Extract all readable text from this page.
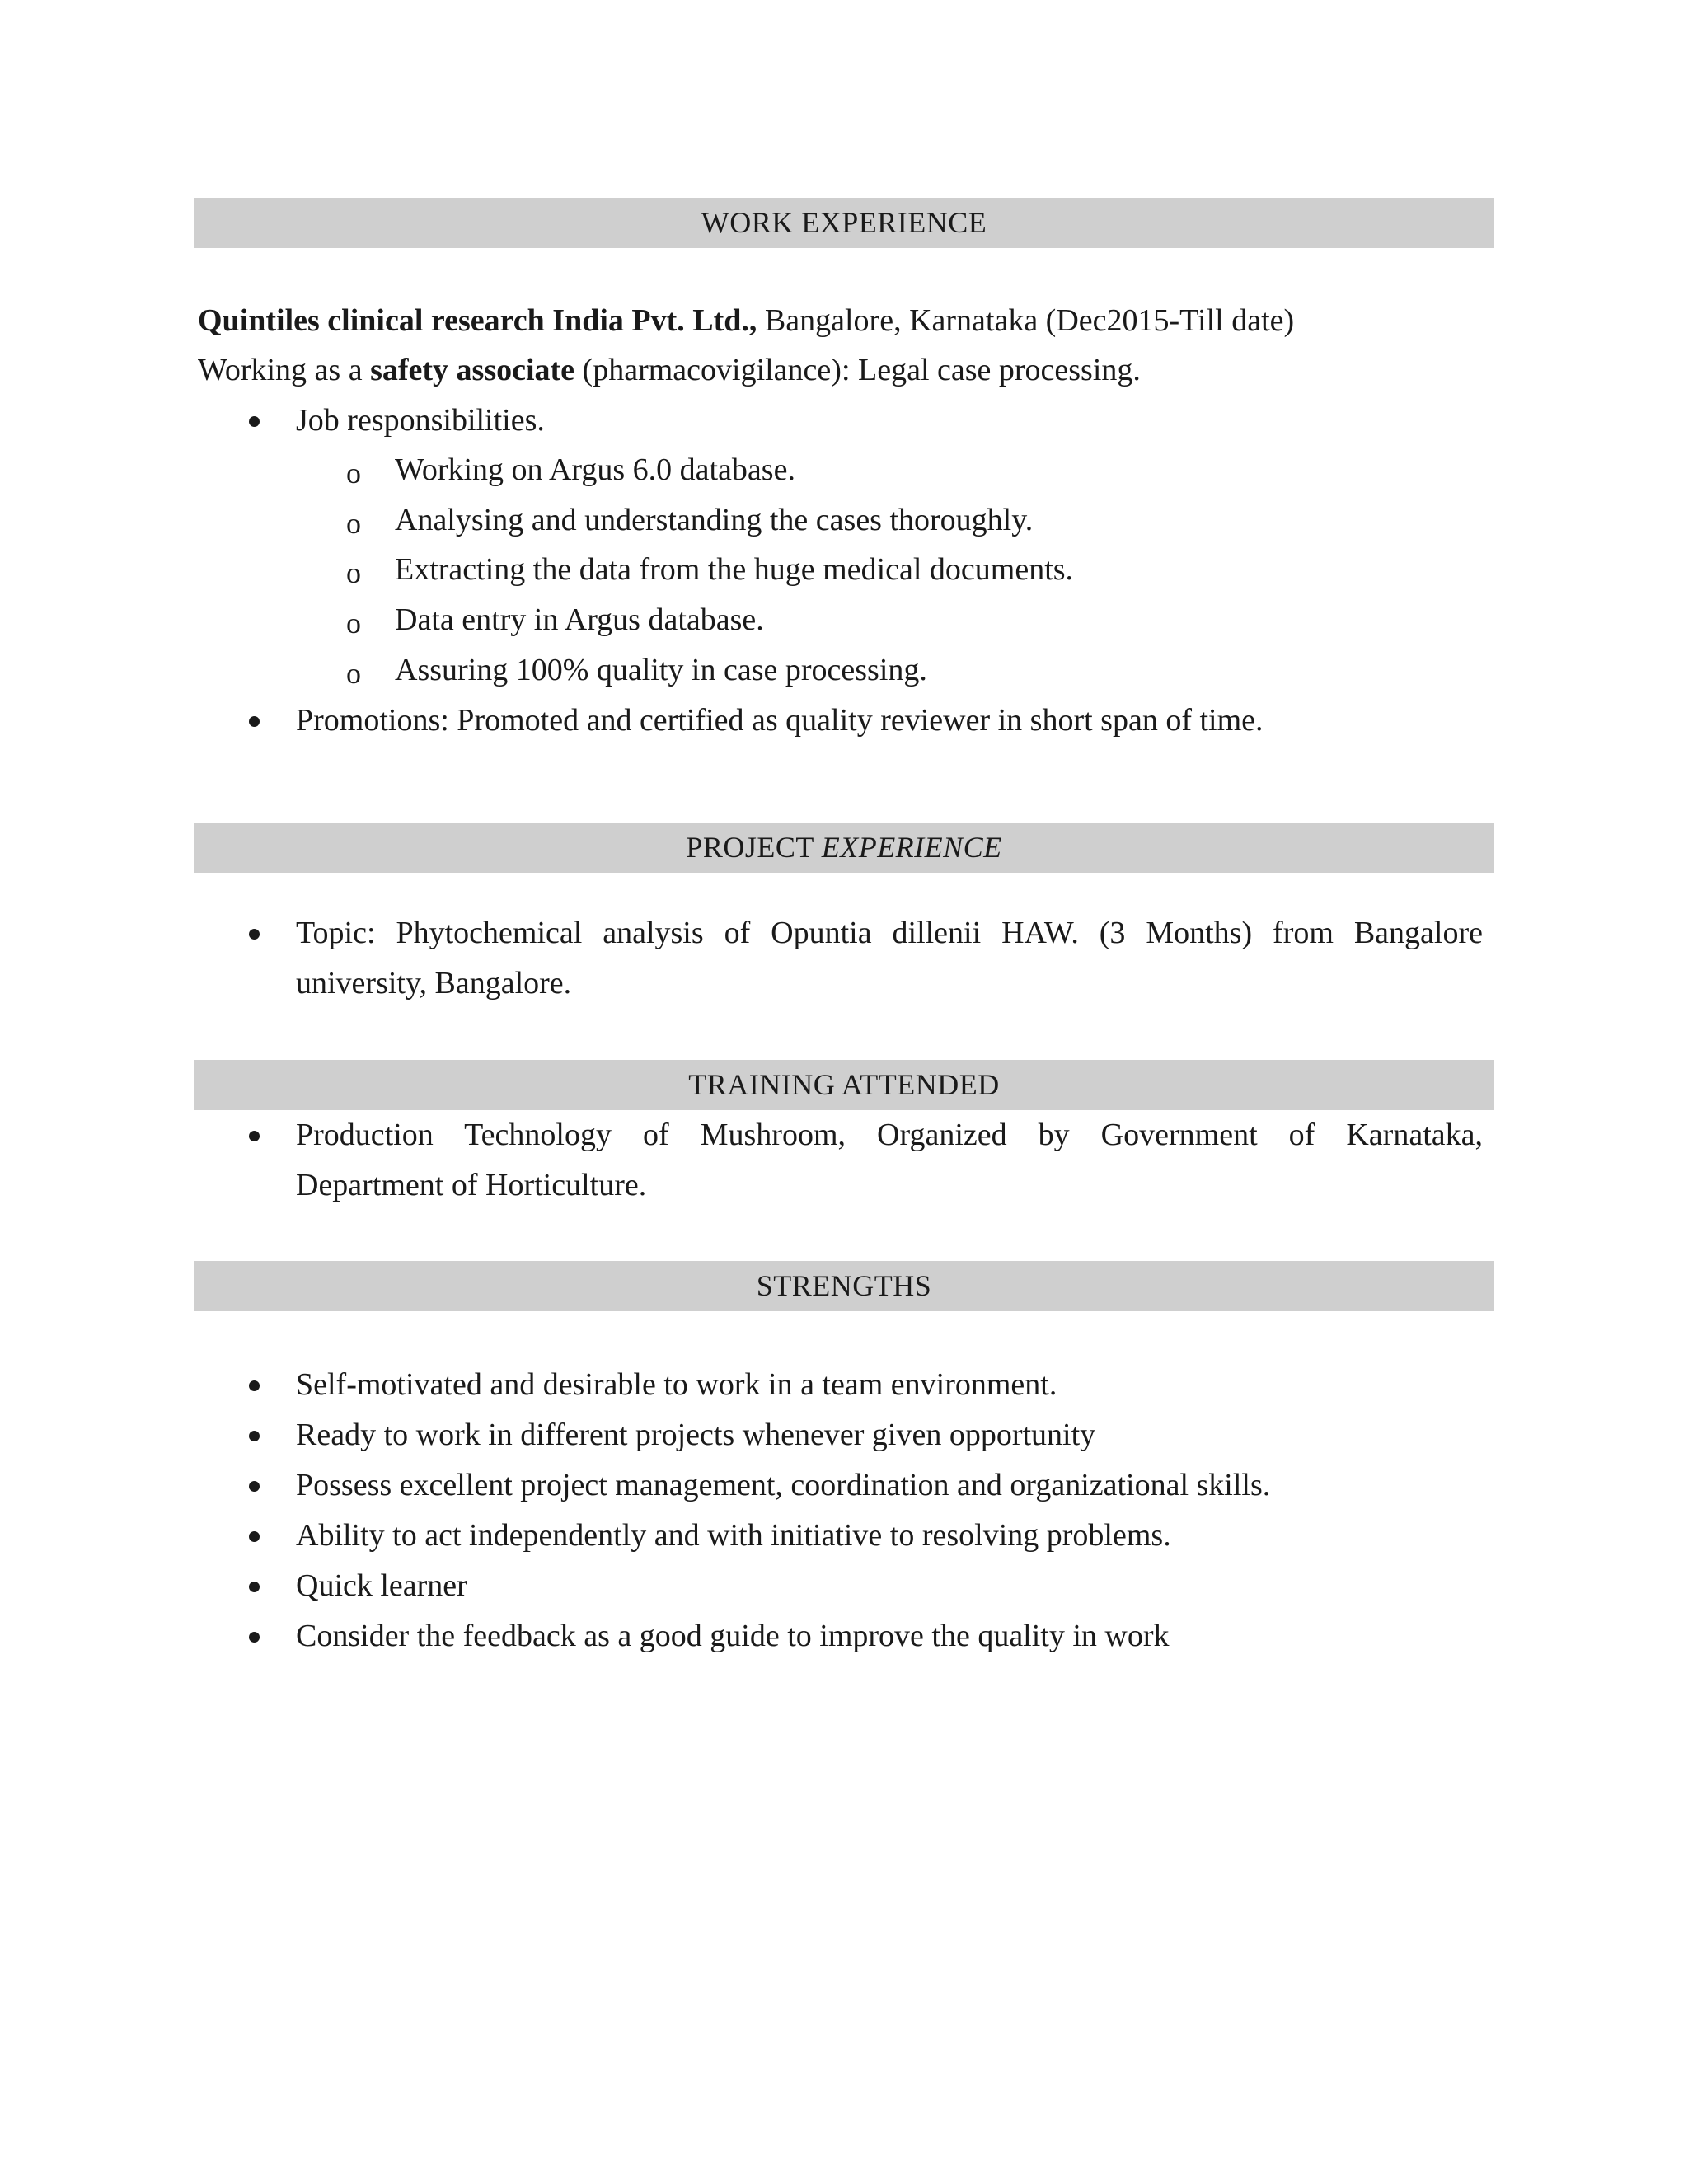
WORK EXPERIENCE
Quintiles clinical research India Pvt. Ltd., Bangalore, Karnataka (Dec2015-Till date)
Working as a safety associate (pharmacovigilance): Legal case processing.
Job responsibilities.
o Working on Argus 6.0 database.
o Analysing and understanding the cases thoroughly.
o Extracting the data from the huge medical documents.
o Data entry in Argus database.
o Assuring 100% quality in case processing.
Promotions: Promoted and certified as quality reviewer in short span of time.
PROJECT EXPERIENCE
Topic: Phytochemical analysis of Opuntia dillenii HAW. (3 Months) from Bangalore
university, Bangalore.
TRAINING ATTENDED
Production Technology of Mushroom, Organized by Government of Karnataka,
Department of Horticulture.
STRENGTHS
Self-motivated and desirable to work in a team environment.
Ready to work in different projects whenever given opportunity
Possess excellent project management, coordination and organizational skills.
Ability to act independently and with initiative to resolving problems.
Quick learner
Consider the feedback as a good guide to improve the quality in work
